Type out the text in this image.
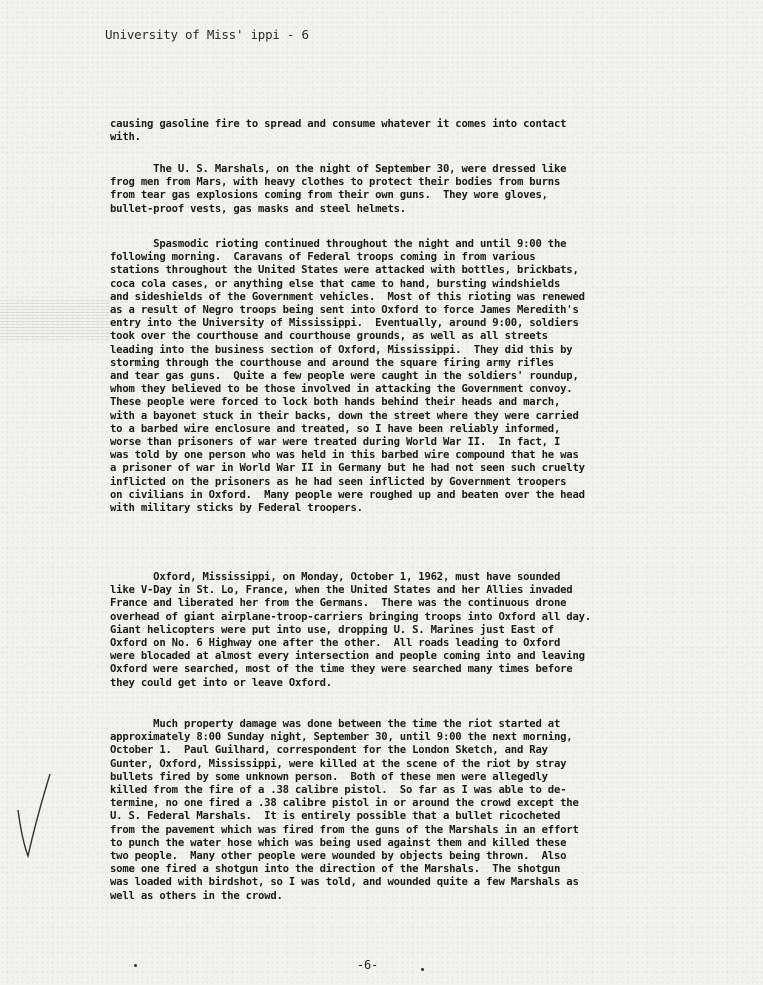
University of Miss' ippi - 6
causing gasoline fire to spread and consume whatever it comes into contact
with.
The U. S. Marshals, on the night of September 30, were dressed like
frog men from Mars, with heavy clothes to protect their bodies from burns
from tear gas explosions coming from their own guns.  They wore gloves,
bullet-proof vests, gas masks and steel helmets.
Spasmodic rioting continued throughout the night and until 9:00 the
following morning.  Caravans of Federal troops coming in from various
stations throughout the United States were attacked with bottles, brickbats,
coca cola cases, or anything else that came to hand, bursting windshields
and sideshields of the Government vehicles.  Most of this rioting was renewed
as a result of Negro troops being sent into Oxford to force James Meredith's
entry into the University of Mississippi.  Eventually, around 9:00, soldiers
took over the courthouse and courthouse grounds, as well as all streets
leading into the business section of Oxford, Mississippi.  They did this by
storming through the courthouse and around the square firing army rifles
and tear gas guns.  Quite a few people were caught in the soldiers' roundup,
whom they believed to be those involved in attacking the Government convoy.
These people were forced to lock both hands behind their heads and march,
with a bayonet stuck in their backs, down the street where they were carried
to a barbed wire enclosure and treated, so I have been reliably informed,
worse than prisoners of war were treated during World War II.  In fact, I
was told by one person who was held in this barbed wire compound that he was
a prisoner of war in World War II in Germany but he had not seen such cruelty
inflicted on the prisoners as he had seen inflicted by Government troopers
on civilians in Oxford.  Many people were roughed up and beaten over the head
with military sticks by Federal troopers.
Oxford, Mississippi, on Monday, October 1, 1962, must have sounded
like V-Day in St. Lo, France, when the United States and her Allies invaded
France and liberated her from the Germans.  There was the continuous drone
overhead of giant airplane-troop-carriers bringing troops into Oxford all day.
Giant helicopters were put into use, dropping U. S. Marines just East of
Oxford on No. 6 Highway one after the other.  All roads leading to Oxford
were blocaded at almost every intersection and people coming into and leaving
Oxford were searched, most of the time they were searched many times before
they could get into or leave Oxford.
Much property damage was done between the time the riot started at
approximately 8:00 Sunday night, September 30, until 9:00 the next morning,
October 1.  Paul Guilhard, correspondent for the London Sketch, and Ray
Gunter, Oxford, Mississippi, were killed at the scene of the riot by stray
bullets fired by some unknown person.  Both of these men were allegedly
killed from the fire of a .38 calibre pistol.  So far as I was able to de-
termine, no one fired a .38 calibre pistol in or around the crowd except the
U. S. Federal Marshals.  It is entirely possible that a bullet ricocheted
from the pavement which was fired from the guns of the Marshals in an effort
to punch the water hose which was being used against them and killed these
two people.  Many other people were wounded by objects being thrown.  Also
some one fired a shotgun into the direction of the Marshals.  The shotgun
was loaded with birdshot, so I was told, and wounded quite a few Marshals as
well as others in the crowd.
-6-
